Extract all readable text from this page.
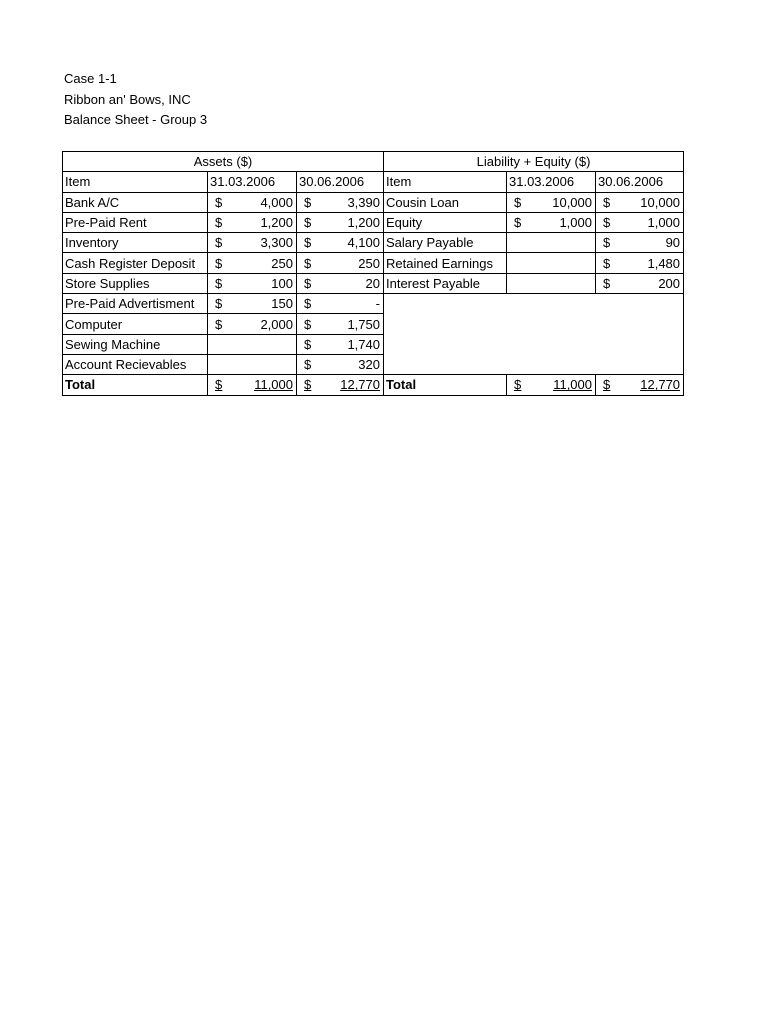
Case 1-1
Ribbon an' Bows, INC
Balance Sheet - Group 3
Assets ($)			Liability + Equity ($)		
Item	31.03.2006	30.06.2006	Item	31.03.2006	30.06.2006
Bank A/C	$ 4,000	$ 3,390	Cousin Loan	$ 10,000	$ 10,000

Pre-Paid Rent	$ 1,200	$ 1,200	Equity	$ 1,000	$ 1,000

Inventory	$ 3,300	$ 4,100	Salary Payable		$ 90

Cash Register Deposit	$ 250	$ 250	Retained Earnings		$ 1,480

Store Supplies	$ 100	$ 20	Interest Payable		$ 200

Pre-Paid Advertisment	$ 150	$ -			

Computer	$ 2,000	$ 1,750			

Sewing Machine		$ 1,740			

Account Recievables		$ 320			

Total	$ 11,000	$ 12,770	Total	$ 11,000	$ 12,770
